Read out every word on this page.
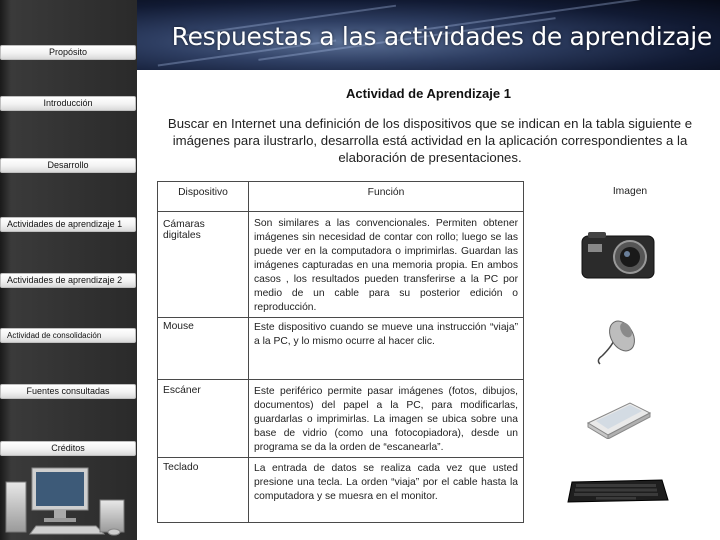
Propósito
Introducción
Desarrollo
Actividades de aprendizaje 1
Actividades de aprendizaje 2
Actividad de consolidación
Fuentes consultadas
Créditos
Respuestas a las actividades de aprendizaje
Actividad de Aprendizaje 1
Buscar en Internet una definición de los dispositivos que se indican en la tabla siguiente e imágenes para ilustrarlo, desarrolla está actividad en la aplicación correspondientes a la elaboración de presentaciones.
Imagen
Dispositivo	Función
Cámaras digitales	Son similares a las convencionales. Permiten obtener imágenes sin necesidad de contar con rollo; luego se las puede ver en la computadora o imprimirlas. Guardan las imágenes capturadas en una memoria propia. En ambos casos , los resultados pueden transferirse a la PC por medio de un cable para su posterior edición o reproducción.
Mouse	Este dispositivo cuando se mueve una instrucción “viaja” a la PC, y lo mismo ocurre al hacer clic.
Escáner	Este periférico permite pasar imágenes (fotos, dibujos, documentos) del papel a la PC, para modificarlas, guardarlas o imprimirlas. La imagen se ubica sobre una base de vidrio (como una fotocopiadora), desde un programa se da la orden de “escanearla”.
Teclado	La entrada de datos se realiza cada vez que usted presione una tecla. La orden “viaja” por el cable hasta la computadora y se muesra en el monitor.
